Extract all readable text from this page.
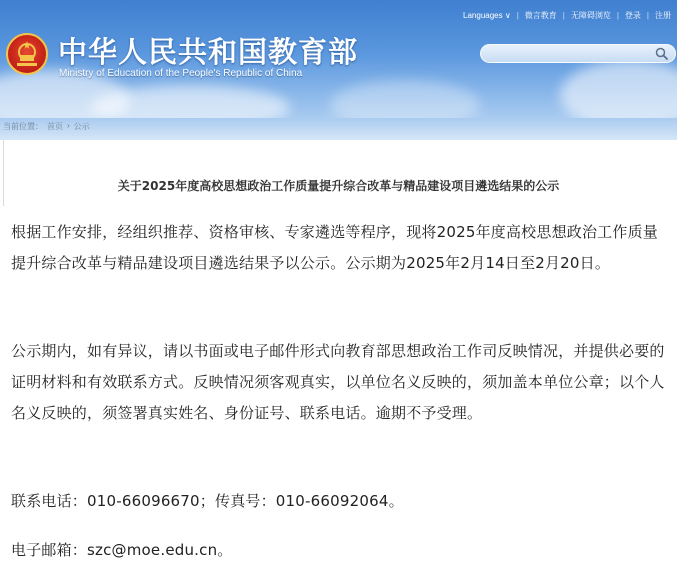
中华人民共和国教育部
Ministry of Education of the People's Republic of China
Languages ∨ | 微言教育 | 无障碍浏览 | 登录 | 注册
当前位置： 首页 › 公示
关于2025年度高校思想政治工作质量提升综合改革与精品建设项目遴选结果的公示

根据工作安排，经组织推荐、资格审核、专家遴选等程序，现将2025年度高校思想政治工作质量提升综合改革与精品建设项目遴选结果予以公示。公示期为2025年2月14日至2月20日。

公示期内，如有异议，请以书面或电子邮件形式向教育部思想政治工作司反映情况，并提供必要的证明材料和有效联系方式。反映情况须客观真实，以单位名义反映的，须加盖本单位公章；以个人名义反映的，须签署真实姓名、身份证号、联系电话。逾期不予受理。

联系电话：010-66096670；传真号：010-66092064。

电子邮箱：szc@moe.edu.cn。
